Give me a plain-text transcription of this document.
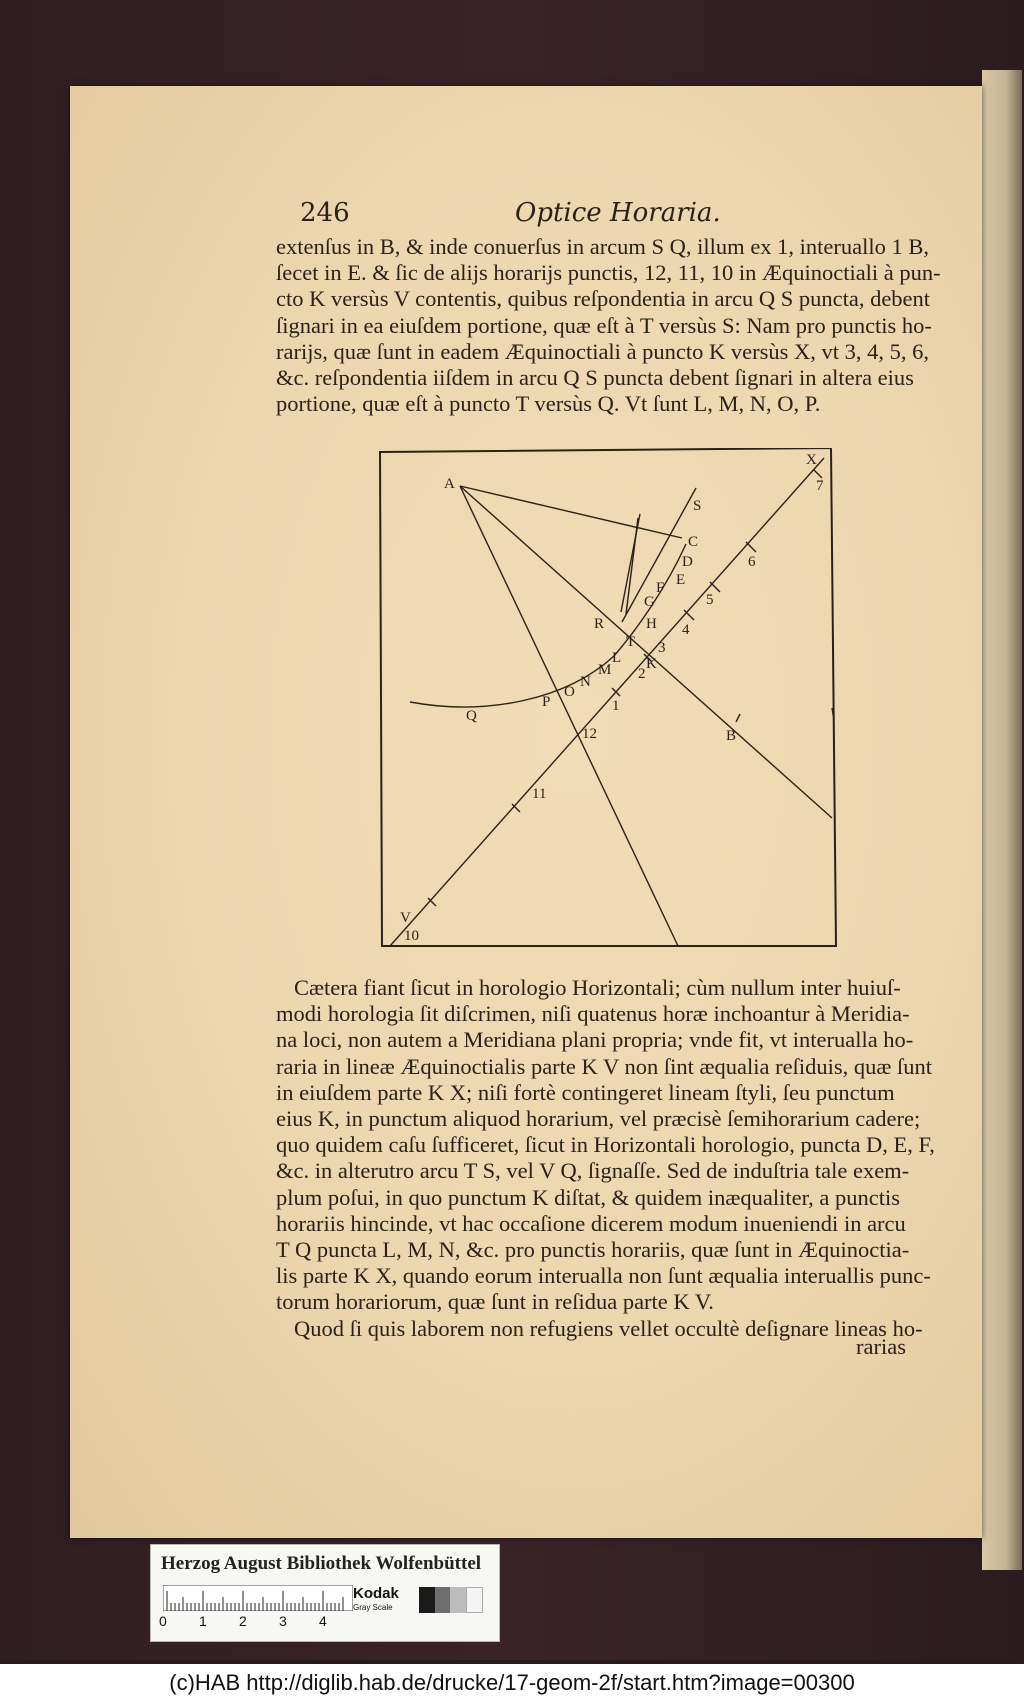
246	Optice Horaria.
extenſus in B, & inde conuerſus in arcum S Q, illum ex 1, interuallo 1 B,
ſecet in E. & ſic de alijs horarijs punctis, 12, 11, 10 in Æquinoctiali à pun-
cto K versùs V contentis, quibus reſpondentia in arcu Q S puncta, debent
ſignari in ea eiuſdem portione, quæ eſt à T versùs S: Nam pro punctis ho-
rarijs, quæ ſunt in eadem Æquinoctiali à puncto K versùs X, vt 3, 4, 5, 6,
&c. reſpondentia iiſdem in arcu Q S puncta debent ſignari in altera eius
portione, quæ eſt à puncto T versùs Q. Vt ſunt L, M, N, O, P.
A
S
C
D
E
F
G
H
R
T
K
L
M
N
O
P
Q
B
V
X
7
6
5
4
3
2
1
12
11
10
Cætera fiant ſicut in horologio Horizontali; cùm nullum inter huiuſ-
modi horologia ſit diſcrimen, niſi quatenus horæ inchoantur à Meridia-
na loci, non autem a Meridiana plani propria; vnde fit, vt interualla ho-
raria in lineæ Æquinoctialis parte K V non ſint æqualia reſiduis, quæ ſunt
in eiuſdem parte K X; niſi fortè contingeret lineam ſtyli, ſeu punctum
eius K, in punctum aliquod horarium, vel præcisè ſemihorarium cadere;
quo quidem caſu ſufficeret, ſicut in Horizontali horologio, puncta D, E, F,
&c. in alterutro arcu T S, vel V Q, ſignaſſe. Sed de induſtria tale exem-
plum poſui, in quo punctum K diſtat, & quidem inæqualiter, a punctis
horariis hincinde, vt hac occaſione dicerem modum inueniendi in arcu
T Q puncta L, M, N, &c. pro punctis horariis, quæ ſunt in Æquinoctia-
lis parte K X, quando eorum interualla non ſunt æqualia interuallis punc-
torum horariorum, quæ ſunt in reſidua parte K V.
Quod ſi quis laborem non refugiens vellet occultè deſignare lineas ho-
rarias
Herzog August Bibliothek Wolfenbüttel
0 1 2 3 4
Kodak
Gray Scale
(c)HAB http://diglib.hab.de/drucke/17-geom-2f/start.htm?image=00300
